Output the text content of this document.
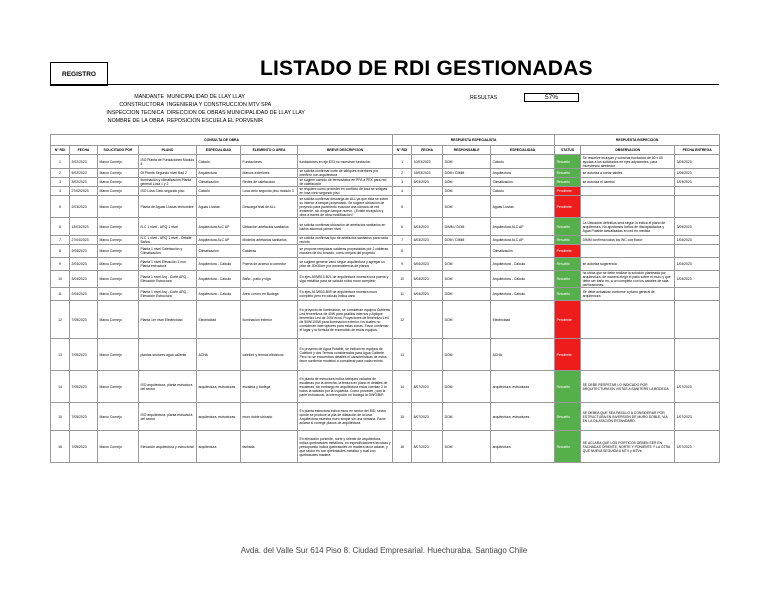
REGISTRO	LISTADO DE RDI GESTIONADAS
MANDANTE MUNICIPALIDAD DE LLAY LLAY
CONSTRUCTORA INGENIERIA Y CONSTRUCCION MTV SPA
INSPECCION TECNICA DIRECCION DE OBRAS MUNICIPALIDAD DE LLAY LLAY
NOMBRE DE LA OBRA REPOSICION ESCUELA EL PORVENIR
RESULTAS	57%
CONSULTA DE OBRA							RESPUESTA ESPECIALISTA				RESPUESTA INSPECCION		
N° RDI	FECHA	SOLICITADO POR	PLANO	ESPECIALIDAD	ELEMENTO O AREA	BREVE DESCRIPCION	N° RDI	FECHA	RESPONSABLE	ESPECIALIDAD	STATUS	OBSERVACION	FECHA ENTREGA
1	2/02/2023	Marco Cornejo	ISO Planta de Fundaciones Modulo 4	Cálculo	Fundaciones	fundaciones en eje E03 no muestran fundación	1	10/03/2023	DOM	Cálculo	Resuelto	Se resuelve incluyan y construir fundación de 60 x 60 ayudas a los solicitados en ejes adyacentes, para muestrearo alrededor	3/04/2023
2	5/02/2023	Marco Cornejo	Of Planta Segundo nivel Bad 2	Arquitectura	Marcos exteriores	se solicita confirmar corte de tabiques exteriores por interferir con arquitectura	2	15/03/2023	DOM / DIMM	Arquitectura	Resuelto	se autoriza a cortar tabiles	1/06/2023
3	3/02/2023	Marco Cornejo	Iluminación y climatización Planta general Losa 1 y 2	Climatización	Redes de calefacción	se sugiere cambio de termostatos en PFA a PEX para red de calefacción	3	6/03/2023	DOM	Climatización	Resuelto	se autoriza el cambio	1/03/2023
4	27/02/2023	Marco Cornejo	ISO Losa Cielo segundo piso	Cálculo	Losa cielo segundo piso módulo 3	se requiere cómo proceder en conflicto de losa se solapas en losa cielo segundo piso	4		DOM	Cálculo	Pendiente		
5	2/03/2023	Marco Cornejo	Planta de Aguas Lluvias techumbre	Aguas Lluvias	Descarga final de ALL	se solicita confirmar descarga de ALL ya que esta se sobre su interior a tanque proyectado. Se sugiere ubicación de proyecto para pavimento evacuar una cámara de red existente, sin ningún tanque nuevo. ¿Existe recepción y obra a través de obra modificación?	5		DOM	Aguas Lluvias	Pendiente		
6	13/03/2023	Marco Cornejo	N.C 1 nivel - ARQ 1 nivel	Arquitectura ALC AP	Ubicación artefactos sanitarios	se solicita confirmar ubicación de artefactos sanitarios en baños alumnos primer nivel	6	6/03/2023	DIMM / DOM	Arquitectura ALC AP	Resuelto	La Ubicación definitiva será según lo indica el plano de arquitectura. No ajustamos baños de discapacitados y Agua Potable actualizadas en red en medida	3/05/2023
7	27/04/2023	Marco Cornejo	N.C 1 nivel - ARQ 1 nivel - Detalle Baños	Arquitectura ALC AP	Modelos artefactos sanitarios	se solicita confirmar tipo de artefactos sanitarios para cada recinto	7	6/03/2023	DOM / DIMM	Arquitectura ALC AP	Resuelto	DIMM confirma todos los WC con fluxor	1/04/2023
8	2/04/2023	Marco Cornejo	Planta 1 nivel Calefacción y Climatización	Climatización	Calderas	se propone remplazar calderas proyectadas por 2 calderas murales de tiro forzado, como mejora del proyecto	8			Climatización	Pendiente		
9	2/04/2023	Marco Cornejo	Planta 1 nivel Elevación 1 con Planta estructura	Arquitectura - Cálculo	Puerta de acceso a comedor	se sugiere generar vano según arquitectura y agregar un pilar de 30x30cm por inconsistencia de planos	9	6/04/2023	DOM	Arquitectura - Cálculo	Resuelto	se autoriza sugerencia	1/04/2023
10	3/04/2023	Marco Cornejo	Planta 1 nivel Arq - Corte ARQ - Elevación Estructura	Arquitectura - Cálculo	Baño - patio y viga	En ejes A09/B13-B21 de arquitectura muestra una puerta y viga metálica para se calcula rollos muro completo	10	6/04/2023	DOM	Arquitectura - Cálculo	Resuelto	ha ubica que se debe realizar la solución planteada por arquitectura, de manera elegir el patio sobre el muro y que debe ser baño en, a un completo con los canales de sala perforaciones.	1/04/2023
11	2/04/2023	Marco Cornejo	Planta 1 nivel Arq - Corte ARQ - Elevación Estructura	Arquitectura - Cálculo	Area o muro en Bodega	En ejes A13/B03-B09 de arquitectura muestra muro completo pero en cálculo indica vano	11	6/04/2023	DOM	Arquitectura - Cálculo	Resuelto	Se debe actualizar conforme a plano general de arquitectura	
12	7/05/2023	Marco Cornejo	Planta 1er nivel Electricidad	Electricidad	Iluminación exterior	En proyecto de iluminación, se consideran equipos Cubierta Led fenerelizos de 40W para pasillos internos y Aplique fenerelizo Led de 20W ecos. Proyectores de fenerelizo Led de 50W/100W para iluminación exterior, los cuales no consideran interruptores para estas zonas. Favor confirmar el lugar y la fórmula de encendido de estos equipos.	12		DOM	Electricidad	Pendiente		
13	7/05/2023	Marco Cornejo	plantas sectores agua caliente	ACHA	calefont y termos eléctricos	En proyecto de Agua Potable, se indican en equipos de Calefont y dos Termos considerados para Agua Caliente. Pero no se encuentran detalles ni características de estos, favor confirmar modelos a considerar para cada recinto.	13		DOM	ACHA	Pendiente		
14	7/05/2023	Marco Cornejo	ISO arquitectura, planta estructura del sector	arquitectura, estructuras	escalera y bodega	En planta de estructura indica tabiques ciclados de escaleras por la derecha, la textura en plano el detalles de escaleras, sin embargo en arquitectura estos cuentan 2 to todos la salvado por la izquierda. Como proceder ¿son la parte estructural, la interrupción en bodega la DWG/BIP.	14	8/07/2023	DOM	arquitectura, estructuras	Resuelto	SE DEBE RESPETAR LO INDICADO POR ARQUITECTURA EN VISTAS A SANITERS LA BODEGA.	1/07/2023
15	7/05/2023	Marco Cornejo	ISO arquitectura, planta estructura del sector	arquitectura, estructuras	muro doble ubicado	En planta estructura indica muro en sector del BID, sector donde se produce la pila de dilatación de la losa. Arquitectura muestra muro simple sin una ventana. Favor aclarar si corregir planos de arquitectura.	15	8/07/2023	DOM	arquitectura, estructuras	Resuelto	SE DEBEA QUE SEA PASILLO A CONSIDERAR POR ESTRUCTURA EN INVERSION DE MURO DOBLE. VIA EN LA DILATACIÓN ESTANDARD.	1/07/2023
16	7/05/2023	Marco Cornejo	Elevación arquitectura y estructural	arquitectura	fachada	En elevación poniente, norte y oriente de arquitectura, indica quebrasoles metálicos, en especificaciones técnicas y presupuesto indica quebrasoles en madera favor aclarar, y que sector es con quebrasoles metálico y cual con quebrasoles madera	16	8/07/2023	DOM	arquitectura	Resuelto	SE ACLARA QUE LOS PORTICOS DEBEN SER EN FACHADAS ORIENTE, NORTE Y PONIENTE Y LA OTRA QUE NUEVA SEGUIDA A MTV y MTVs.	1/07/2023
Avda. del Valle Sur 614 Piso 8. Ciudad Empresarial. Huechuraba. Santiago Chile
